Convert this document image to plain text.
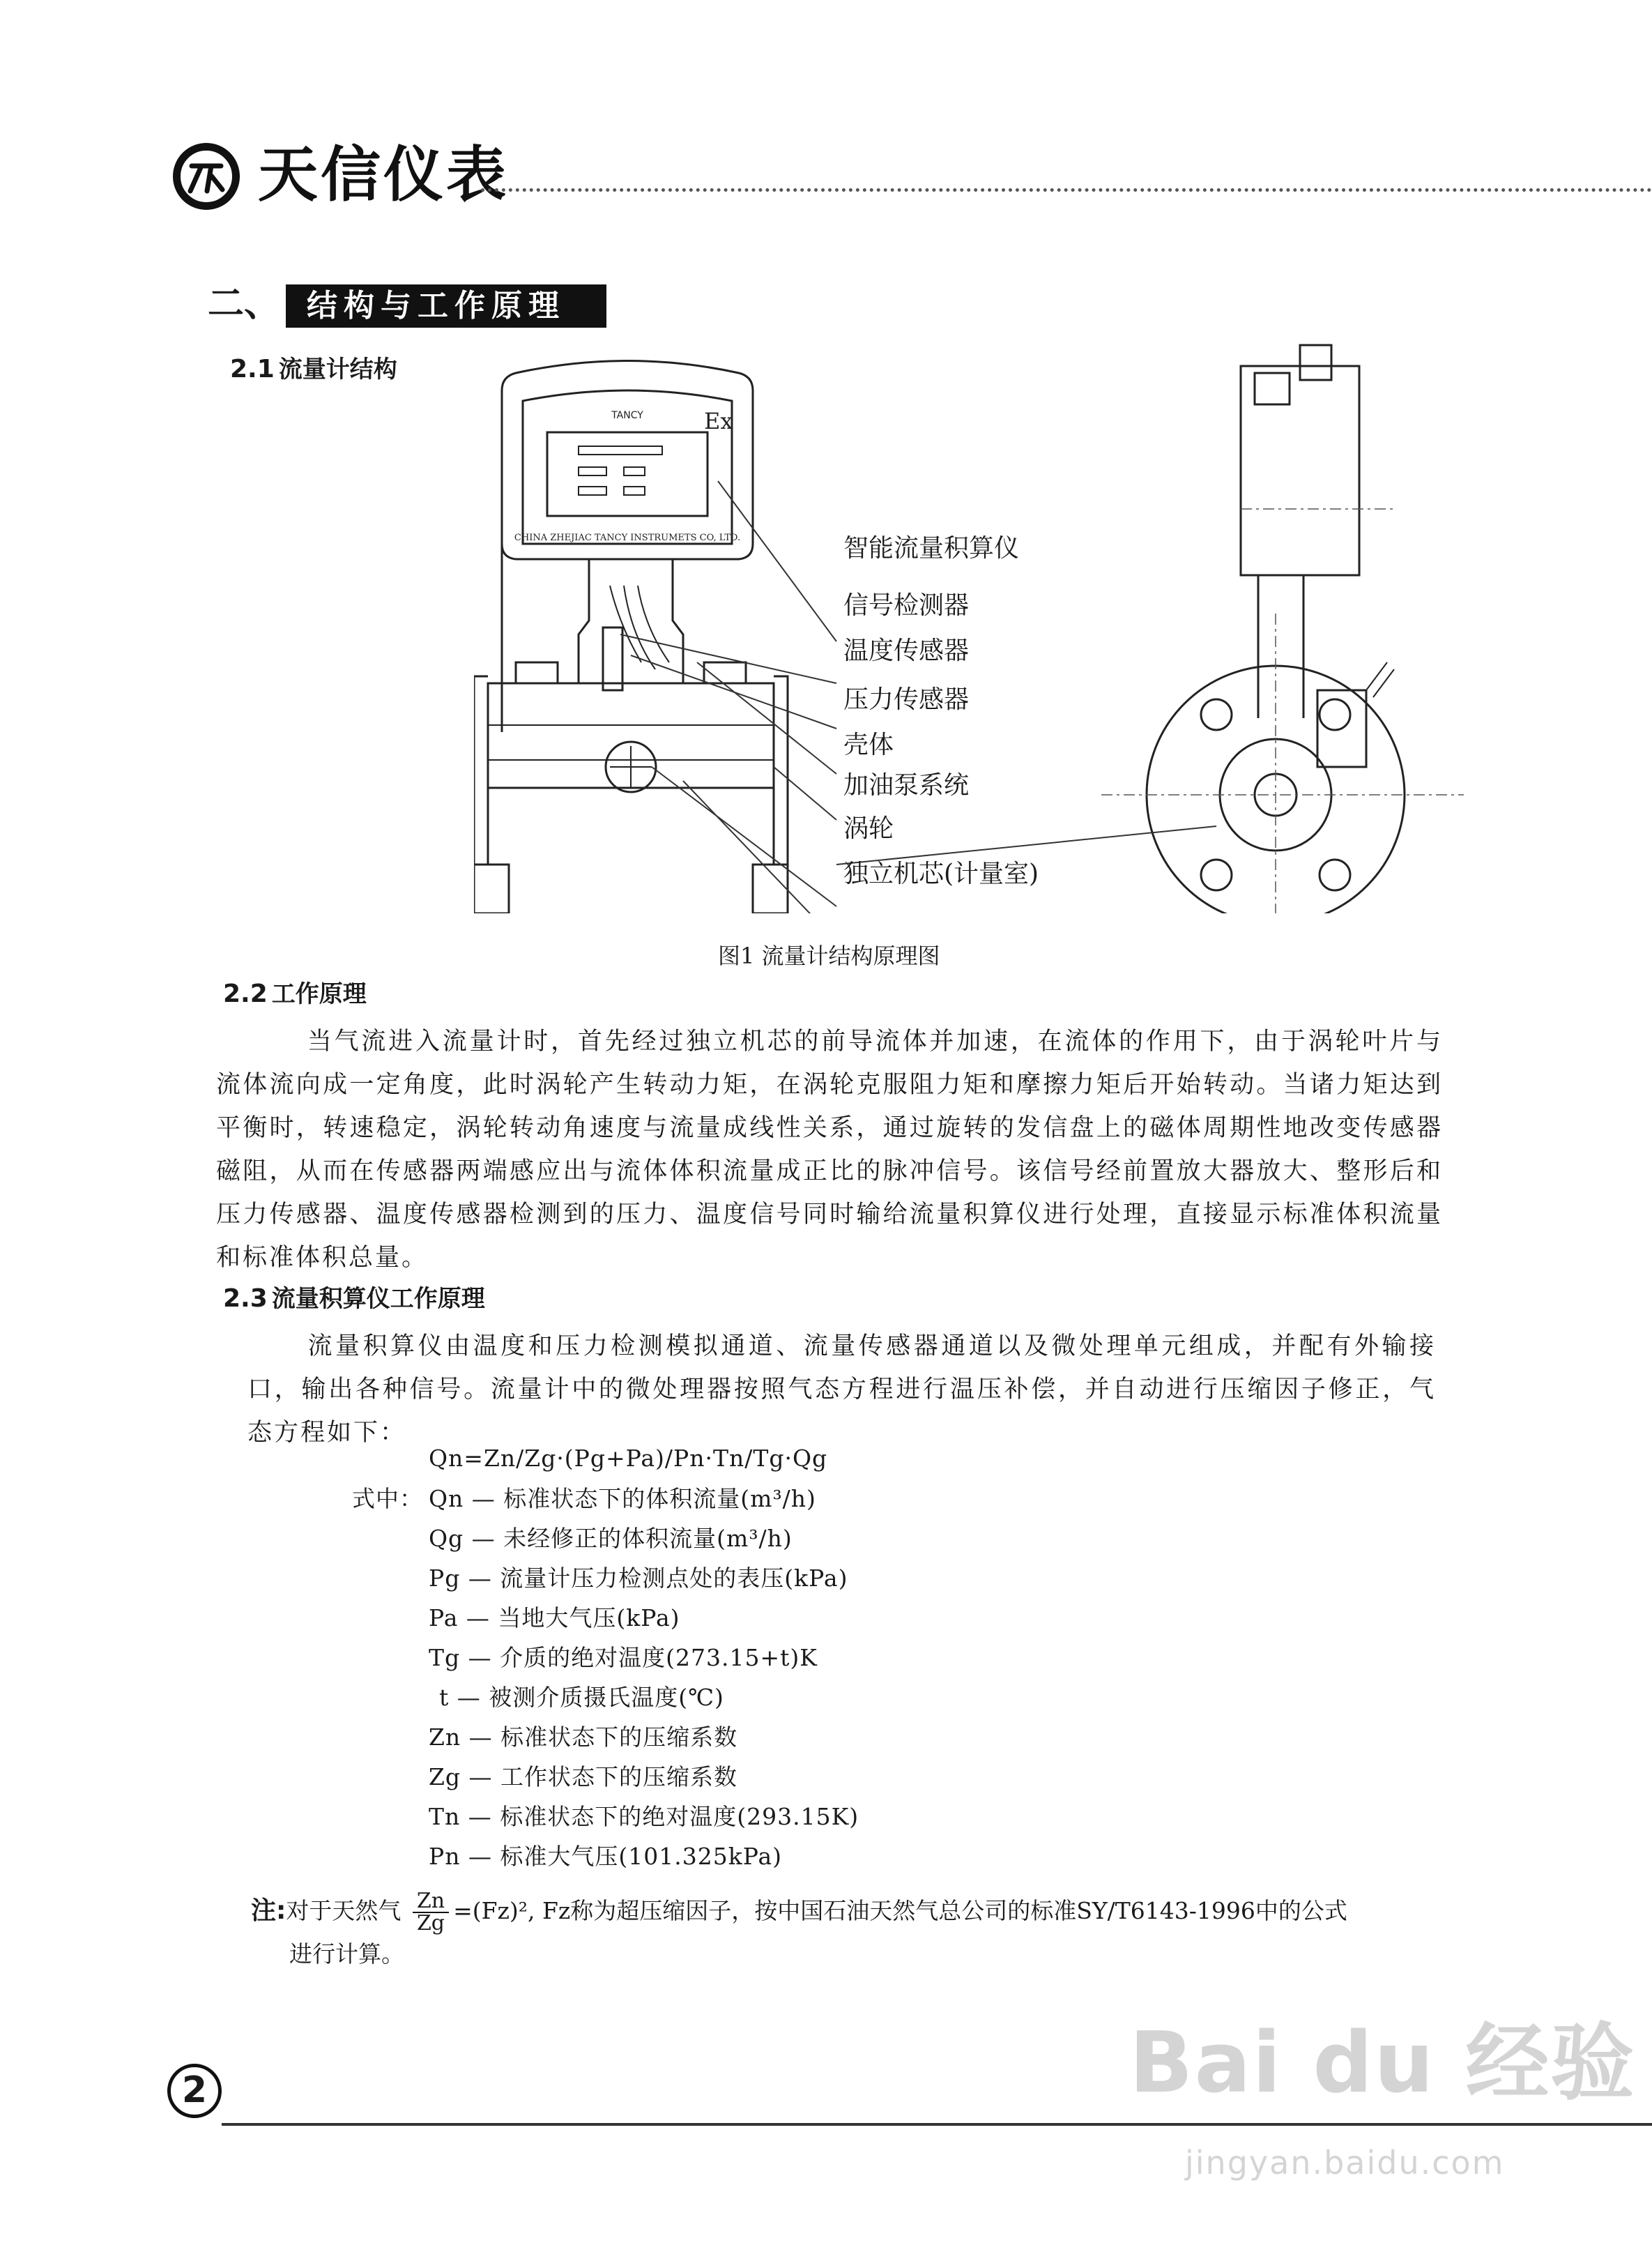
天信仪表
二、 结构与工作原理
2.1 流量计结构
TANCY	Ex
CHINA ZHEJIAC TANCY INSTRUMETS CO, LTD.	智能流量积算仪
信号检测器
温度传感器
压力传感器
壳体
加油泵系统
涡轮
独立机芯(计量室)
图1 流量计结构原理图
2.2 工作原理

当气流进入流量计时，首先经过独立机芯的前导流体并加速，在流体的作用下，由于涡轮叶片与流体流向成一定角度，此时涡轮产生转动力矩，在涡轮克服阻力矩和摩擦力矩后开始转动。当诸力矩达到平衡时，转速稳定，涡轮转动角速度与流量成线性关系，通过旋转的发信盘上的磁体周期性地改变传感器磁阻，从而在传感器两端感应出与流体体积流量成正比的脉冲信号。该信号经前置放大器放大、整形后和压力传感器、温度传感器检测到的压力、温度信号同时输给流量积算仪进行处理，直接显示标准体积流量和标准体积总量。

2.3 流量积算仪工作原理

流量积算仪由温度和压力检测模拟通道、流量传感器通道以及微处理单元组成，并配有外输接口，输出各种信号。流量计中的微处理器按照气态方程进行温压补偿，并自动进行压缩因子修正，气态方程如下：

Qn=Zn/Zg·(Pg+Pa)/Pn·Tn/Tg·Qg
式中： Qn — 标准状态下的体积流量(m³/h)
Qg — 未经修正的体积流量(m³/h)
Pg — 流量计压力检测点处的表压(kPa)
Pa — 当地大气压(kPa)
Tg — 介质的绝对温度(273.15+t)K
t — 被测介质摄氏温度(℃)
Zn — 标准状态下的压缩系数
Zg — 工作状态下的压缩系数
Tn — 标准状态下的绝对温度(293.15K)
Pn — 标准大气压(101.325kPa)
注:对于天然气 $\frac{Zn}{Zg} =(Fz)^2$, Fz称为超压缩因子，按中国石油天然气总公司的标准SY/T6143-1996中的公式
进行计算。
2	Bai du 经验
jingyan.baidu.com
